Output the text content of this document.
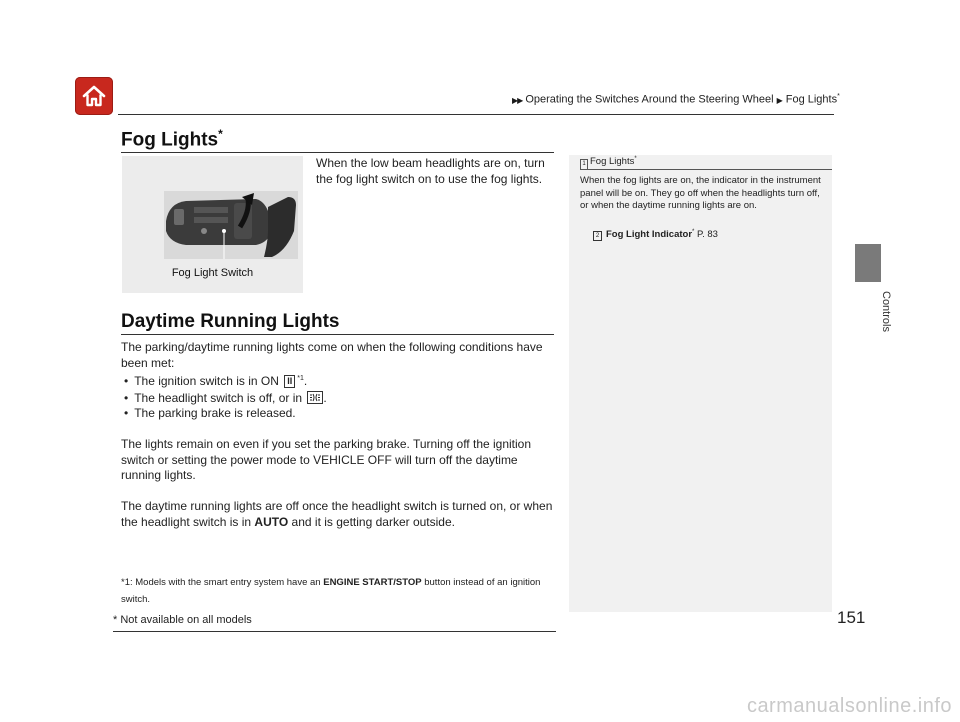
▶▶ Operating the Switches Around the Steering Wheel ▶ Fog Lights*
Fog Lights*
Fog Light Switch
When the low beam headlights are on, turn the fog light switch on to use the fog lights.
Daytime Running Lights
The parking/daytime running lights come on when the following conditions have been met:
• The ignition switch is in ON II $^{*1}$.
• The headlight switch is off, or in .
• The parking brake is released.
The lights remain on even if you set the parking brake. Turning off the ignition switch or setting the power mode to VEHICLE OFF will turn off the daytime running lights.
The daytime running lights are off once the headlight switch is turned on, or when the headlight switch is in AUTO and it is getting darker outside.
*1: Models with the smart entry system have an ENGINE START/STOP button instead of an ignition switch.
1 Fog Lights*
When the fog lights are on, the indicator in the instrument panel will be on. They go off when the headlights turn off, or when the daytime running lights are on.
2 Fog Light Indicator* P. 83
Controls
151
* Not available on all models
carmanualsonline.info
